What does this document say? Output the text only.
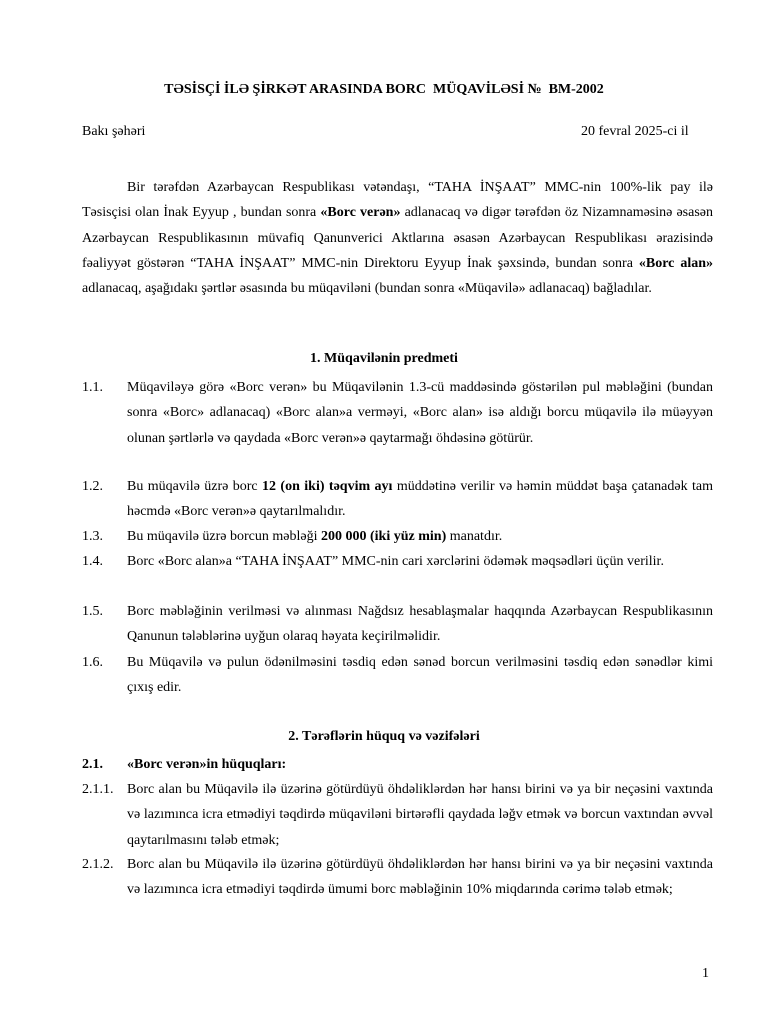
TƏSİSÇİ İLƏ ŞİRKƏT ARASINDA BORC  MÜQAVİLƏSİ №  BM-2002
Bakı şəhəri	20 fevral 2025-ci il

Bir tərəfdən Azərbaycan Respublikası vətəndaşı, “TAHA İNŞAAT” MMC-nin 100%-lik pay ilə Təsisçisi olan İnak Eyyup , bundan sonra «Borc verən» adlanacaq və digər tərəfdən öz Nizamnaməsinə əsasən Azərbaycan Respublikasının müvafiq Qanunverici Aktlarına əsasən Azərbaycan Respublikası ərazisində fəaliyyət göstərən “TAHA İNŞAAT” MMC-nin Direktoru Eyyup İnak şəxsində, bundan sonra «Borc alan» adlanacaq, aşağıdakı şərtlər əsasında bu müqaviləni (bundan sonra «Müqavilə» adlanacaq) bağladılar.

1. Müqavilənin predmeti
1.1.	Müqaviləyə görə «Borc verən» bu Müqavilənin 1.3-cü maddəsində göstərilən pul məbləğini (bundan sonra «Borc» adlanacaq) «Borc alan»a verməyi, «Borc alan» isə aldığı borcu müqavilə ilə müəyyən olunan şərtlərlə və qaydada «Borc verən»ə qaytarmağı öhdəsinə götürür.
1.2.	Bu müqavilə üzrə borc 12 (on iki) təqvim ayı müddətinə verilir və həmin müddət başa çatanadək tam həcmdə «Borc verən»ə qaytarılmalıdır.
1.3.	Bu müqavilə üzrə borcun məbləği 200 000 (iki yüz min) manatdır.
1.4.	Borc «Borc alan»a “TAHA İNŞAAT” MMC-nin cari xərclərini ödəmək məqsədləri üçün verilir.
1.5.	Borc məbləğinin verilməsi və alınması Nağdsız hesablaşmalar haqqında Azərbaycan Respublikasının Qanunun tələblərinə uyğun olaraq həyata keçirilməlidir.
1.6.	Bu Müqavilə və pulun ödənilməsini təsdiq edən sənəd borcun verilməsini təsdiq edən sənədlər kimi çıxış edir.
2. Tərəflərin hüquq və vəzifələri
2.1.	«Borc verən»in hüquqları:
2.1.1. Borc alan bu Müqavilə ilə üzərinə götürdüyü öhdəliklərdən hər hansı birini və ya bir neçəsini vaxtında və lazımınca icra etmədiyi təqdirdə müqaviləni birtərəfli qaydada ləğv etmək və borcun vaxtından əvvəl qaytarılmasını tələb etmək;
2.1.2. Borc alan bu Müqavilə ilə üzərinə götürdüyü öhdəliklərdən hər hansı birini və ya bir neçəsini vaxtında və lazımınca icra etmədiyi təqdirdə ümumi borc məbləğinin 10% miqdarında cərimə tələb etmək;
1
